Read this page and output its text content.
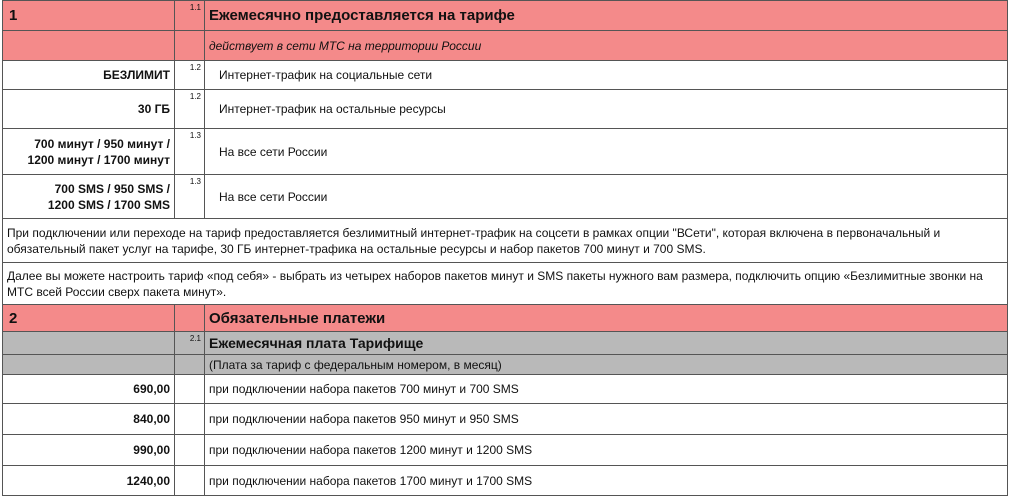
1	1.1	Ежемесячно предоставляется на тарифе
		действует в сети МТС на территории России
БЕЗЛИМИТ	1.2	Интернет-трафик на социальные сети
30 ГБ	1.2	Интернет-трафик на остальные ресурсы

700 минут / 950 минут /
1200 минут / 1700 минут	1.3	На все сети России

700 SMS / 950 SMS /
1200 SMS / 1700 SMS	1.3	На все сети России
При подключении или переходе на тариф предоставляется безлимитный интернет-трафик на соцсети в рамках опции "ВСети", которая включена в первоначальный и обязательный пакет услуг на тарифе, 30 ГБ интернет-трафика на остальные ресурсы и набор пакетов 700 минут и 700 SMS.		
Далее вы можете настроить тариф «под себя» - выбрать из четырех наборов пакетов минут и SMS пакеты нужного вам размера, подключить опцию «Безлимитные звонки на МТС всей России сверх пакета минут».		
2		Обязательные платежи
	2.1	Ежемесячная плата Тарифище
		(Плата за тариф с федеральным номером, в месяц)
690,00		при подключении набора пакетов 700 минут и 700 SMS
840,00		при подключении набора пакетов 950 минут и 950 SMS
990,00		при подключении набора пакетов 1200 минут и 1200 SMS
1240,00		при подключении набора пакетов 1700 минут и 1700 SMS
